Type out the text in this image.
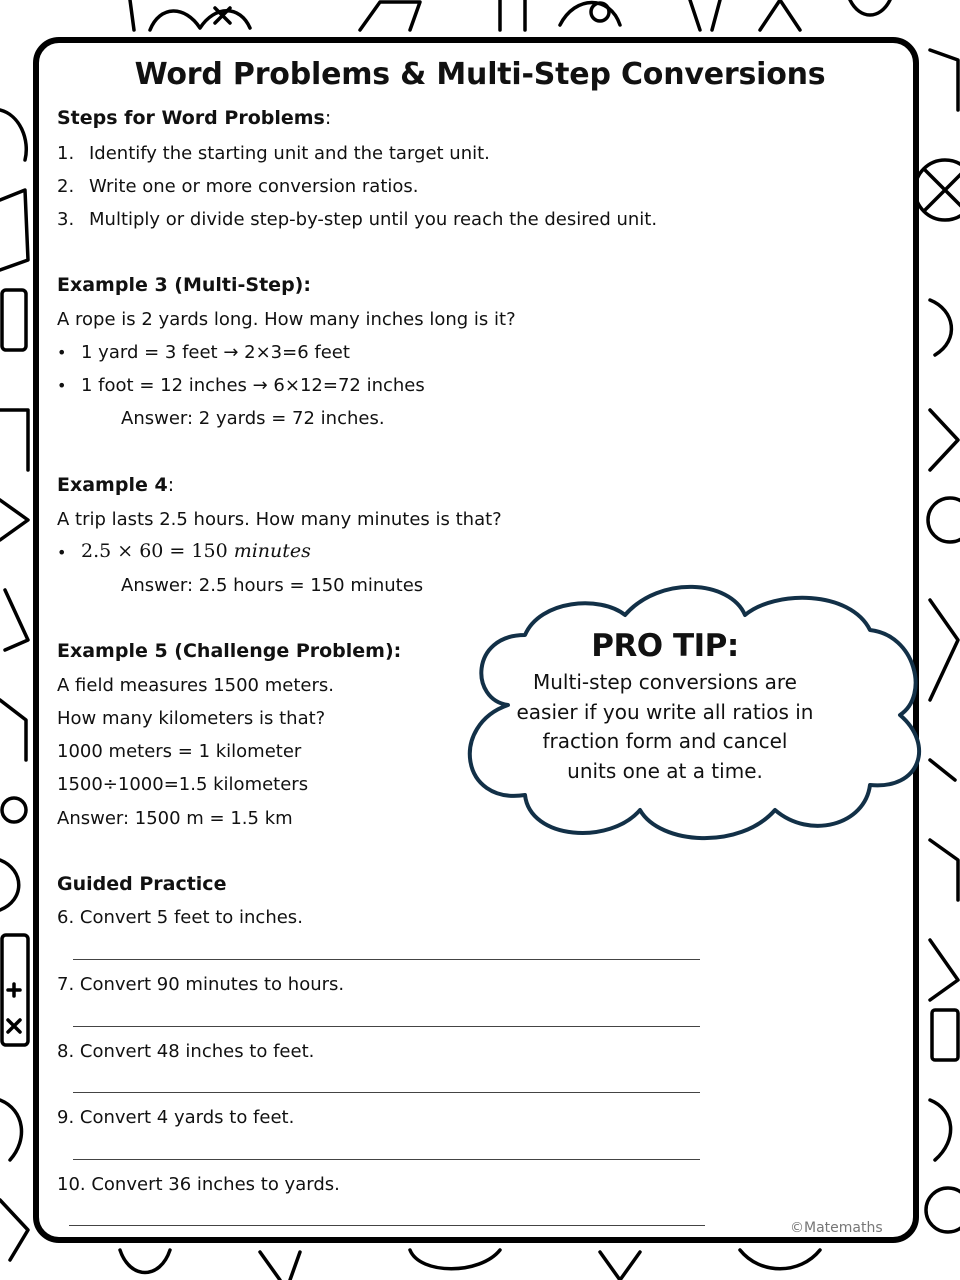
Word Problems & Multi-Step Conversions
Steps for Word Problems:
1. Identify the starting unit and the target unit.
2. Write one or more conversion ratios.
3. Multiply or divide step-by-step until you reach the desired unit.
Example 3 (Multi-Step):
A rope is 2 yards long. How many inches long is it?
• 1 yard = 3 feet → 2×3=6 feet
• 1 foot = 12 inches → 6×12=72 inches
Answer: 2 yards = 72 inches.
Example 4:
A trip lasts 2.5 hours. How many minutes is that?
• 2.5 × 60 = 150 minutes
Answer: 2.5 hours = 150 minutes
Example 5 (Challenge Problem):
A field measures 1500 meters.
How many kilometers is that?
1000 meters = 1 kilometer
1500÷1000=1.5 kilometers
Answer: 1500 m = 1.5 km
PRO TIP:
Multi-step conversions are
easier if you write all ratios in
fraction form and cancel
units one at a time.
Guided Practice
6. Convert 5 feet to inches.
7. Convert 90 minutes to hours.
8. Convert 48 inches to feet.
9. Convert 4 yards to feet.
10. Convert 36 inches to yards.
©Matemaths
